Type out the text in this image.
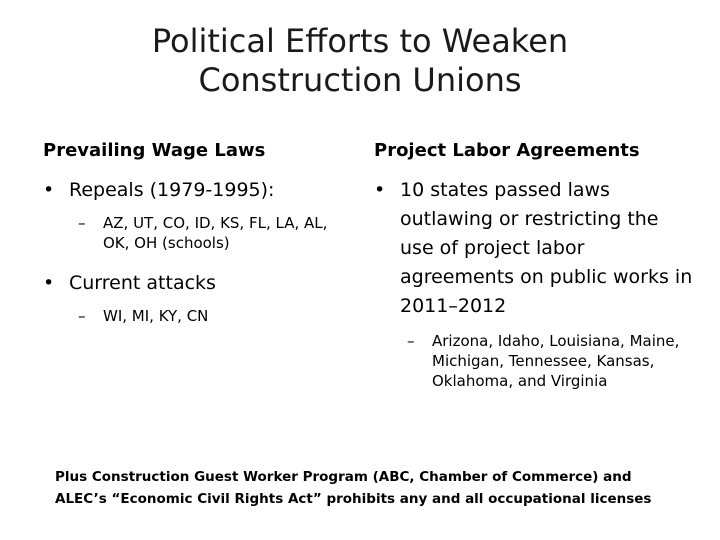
Political Efforts to Weaken
Construction Unions
Prevailing Wage Laws
• Repeals (1979-1995):
– AZ, UT, CO, ID, KS, FL, LA, AL, OK, OH (schools)
• Current attacks
– WI, MI, KY, CN
Project Labor Agreements
• 10 states passed laws outlawing or restricting the use of project labor agreements on public works in 2011–2012
– Arizona, Idaho, Louisiana, Maine, Michigan, Tennessee, Kansas, Oklahoma, and Virginia
Plus Construction Guest Worker Program (ABC, Chamber of Commerce) and
ALEC’s “Economic Civil Rights Act” prohibits any and all occupational licenses
